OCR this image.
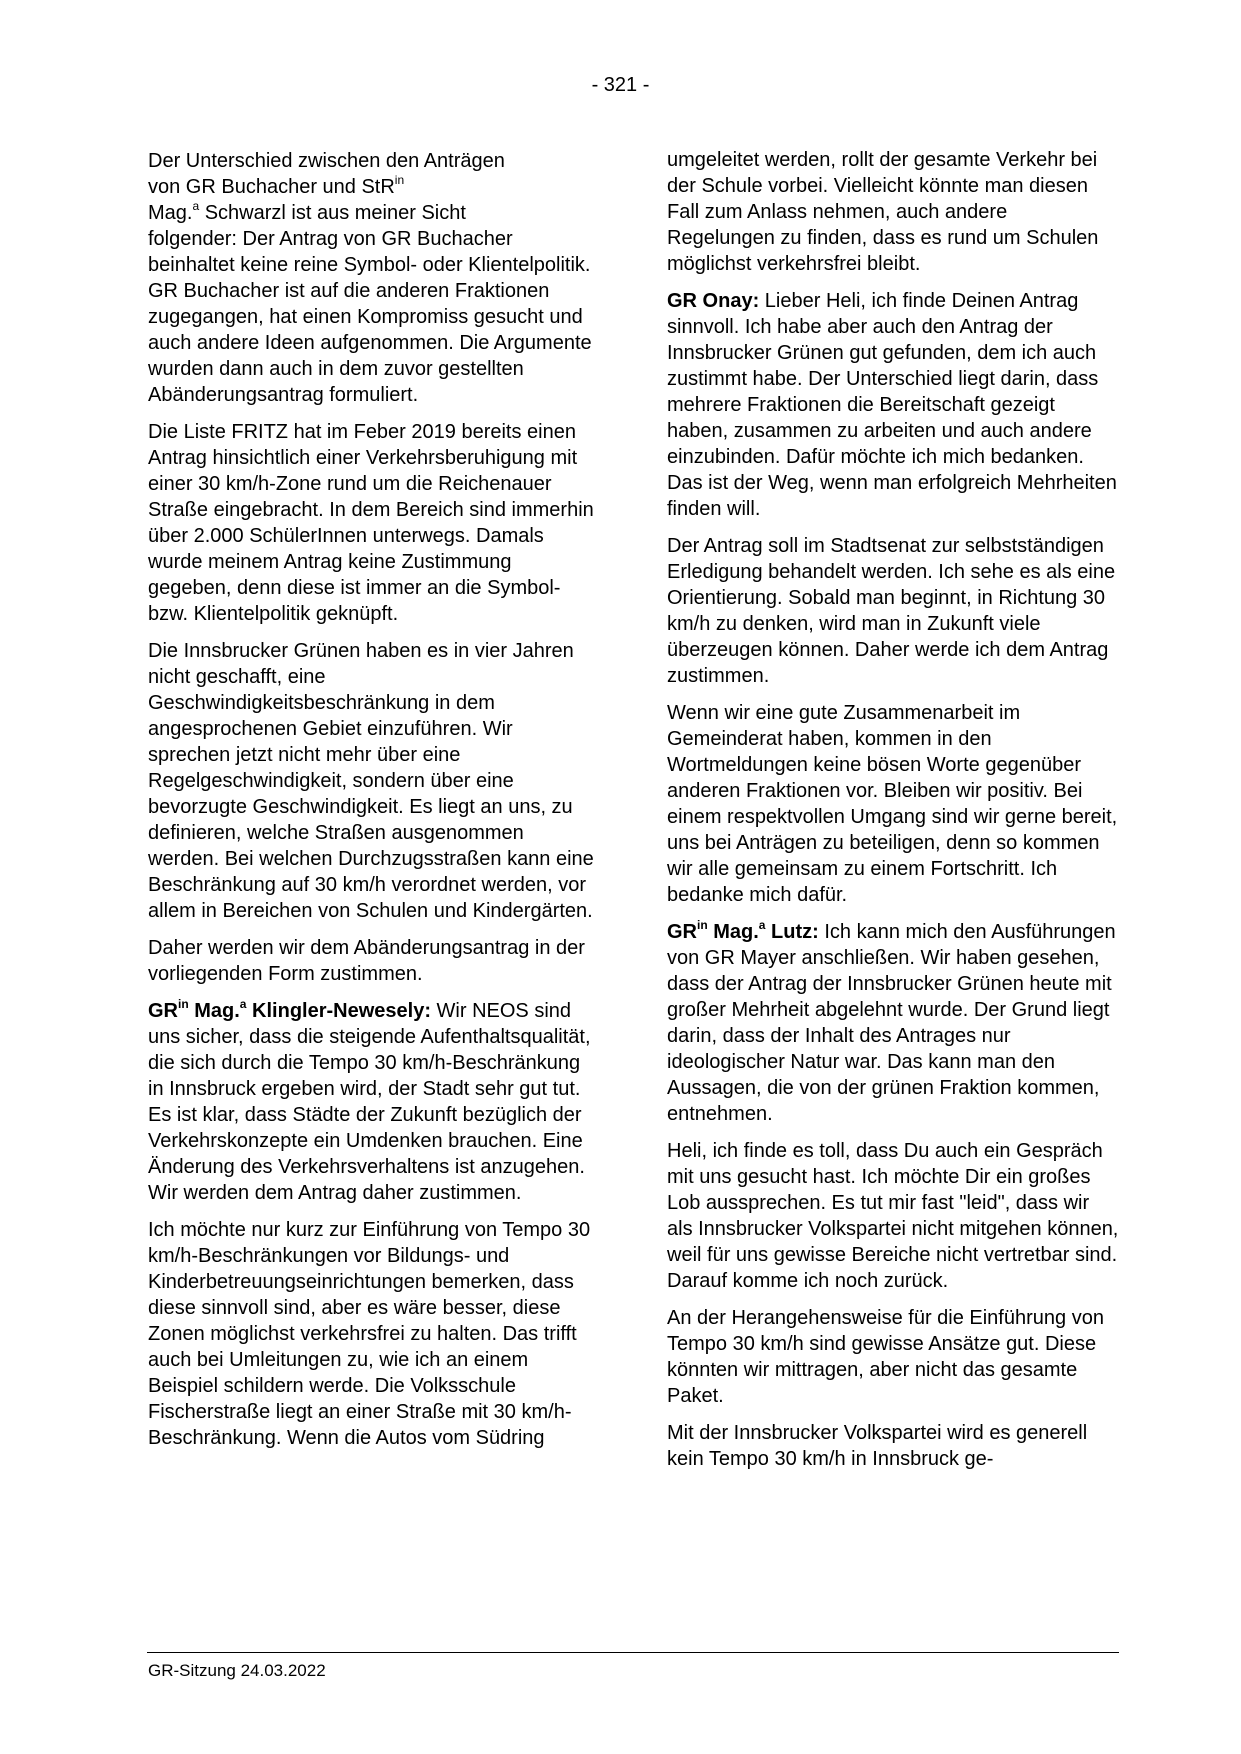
- 321 -

Der Unterschied zwischen den Anträgen
von GR Buchacher und StR$^{in}$
Mag.$^a$ Schwarzl ist aus meiner Sicht
folgender: Der Antrag von GR Buchacher beinhaltet keine reine Symbol- oder Klientelpolitik. GR Buchacher ist auf die anderen Fraktionen zugegangen, hat einen Kompromiss gesucht und auch andere Ideen aufgenommen. Die Argumente wurden dann auch in dem zuvor gestellten Abänderungsantrag formuliert.

Die Liste FRITZ hat im Feber 2019 bereits einen Antrag hinsichtlich einer Verkehrsberuhigung mit einer 30 km/h-Zone rund um die Reichenauer Straße eingebracht. In dem Bereich sind immerhin über 2.000 SchülerInnen unterwegs. Damals wurde meinem Antrag keine Zustimmung gegeben, denn diese ist immer an die Symbol- bzw. Klientelpolitik geknüpft.

Die Innsbrucker Grünen haben es in vier Jahren nicht geschafft, eine Geschwindigkeitsbeschränkung in dem angesprochenen Gebiet einzuführen. Wir sprechen jetzt nicht mehr über eine Regelgeschwindigkeit, sondern über eine bevorzugte Geschwindigkeit. Es liegt an uns, zu definieren, welche Straßen ausgenommen werden. Bei welchen Durchzugsstraßen kann eine Beschränkung auf 30 km/h verordnet werden, vor allem in Bereichen von Schulen und Kindergärten.

Daher werden wir dem Abänderungsantrag in der vorliegenden Form zustimmen.

$GR^{in}$ Mag.$^a$ Klingler-Newesely: Wir NEOS sind uns sicher, dass die steigende Aufenthaltsqualität, die sich durch die Tempo 30 km/h-Beschränkung in Innsbruck ergeben wird, der Stadt sehr gut tut. Es ist klar, dass Städte der Zukunft bezüglich der Verkehrskonzepte ein Umdenken brauchen. Eine Änderung des Verkehrsverhaltens ist anzugehen. Wir werden dem Antrag daher zustimmen.

Ich möchte nur kurz zur Einführung von Tempo 30 km/h-Beschränkungen vor Bildungs- und Kinderbetreuungseinrichtungen bemerken, dass diese sinnvoll sind, aber es wäre besser, diese Zonen möglichst verkehrsfrei zu halten. Das trifft auch bei Umleitungen zu, wie ich an einem Beispiel schildern werde. Die Volksschule Fischerstraße liegt an einer Straße mit 30 km/h-Beschränkung. Wenn die Autos vom Südring

umgeleitet werden, rollt der gesamte Verkehr bei der Schule vorbei. Vielleicht könnte man diesen Fall zum Anlass nehmen, auch andere Regelungen zu finden, dass es rund um Schulen möglichst verkehrsfrei bleibt.

GR Onay: Lieber Heli, ich finde Deinen Antrag sinnvoll. Ich habe aber auch den Antrag der Innsbrucker Grünen gut gefunden, dem ich auch zustimmt habe. Der Unterschied liegt darin, dass mehrere Fraktionen die Bereitschaft gezeigt haben, zusammen zu arbeiten und auch andere einzubinden. Dafür möchte ich mich bedanken. Das ist der Weg, wenn man erfolgreich Mehrheiten finden will.

Der Antrag soll im Stadtsenat zur selbstständigen Erledigung behandelt werden. Ich sehe es als eine Orientierung. Sobald man beginnt, in Richtung 30 km/h zu denken, wird man in Zukunft viele überzeugen können. Daher werde ich dem Antrag zustimmen.

Wenn wir eine gute Zusammenarbeit im Gemeinderat haben, kommen in den Wortmeldungen keine bösen Worte gegenüber anderen Fraktionen vor. Bleiben wir positiv. Bei einem respektvollen Umgang sind wir gerne bereit, uns bei Anträgen zu beteiligen, denn so kommen wir alle gemeinsam zu einem Fortschritt. Ich bedanke mich dafür.

$GR^{in}$ Mag.$^a$ Lutz: Ich kann mich den Ausführungen von GR Mayer anschließen. Wir haben gesehen, dass der Antrag der Innsbrucker Grünen heute mit großer Mehrheit abgelehnt wurde. Der Grund liegt darin, dass der Inhalt des Antrages nur ideologischer Natur war. Das kann man den Aussagen, die von der grünen Fraktion kommen, entnehmen.

Heli, ich finde es toll, dass Du auch ein Gespräch mit uns gesucht hast. Ich möchte Dir ein großes Lob aussprechen. Es tut mir fast "leid", dass wir als Innsbrucker Volkspartei nicht mitgehen können, weil für uns gewisse Bereiche nicht vertretbar sind. Darauf komme ich noch zurück.

An der Herangehensweise für die Einführung von Tempo 30 km/h sind gewisse Ansätze gut. Diese könnten wir mittragen, aber nicht das gesamte Paket.

Mit der Innsbrucker Volkspartei wird es generell kein Tempo 30 km/h in Innsbruck ge-

GR-Sitzung 24.03.2022
